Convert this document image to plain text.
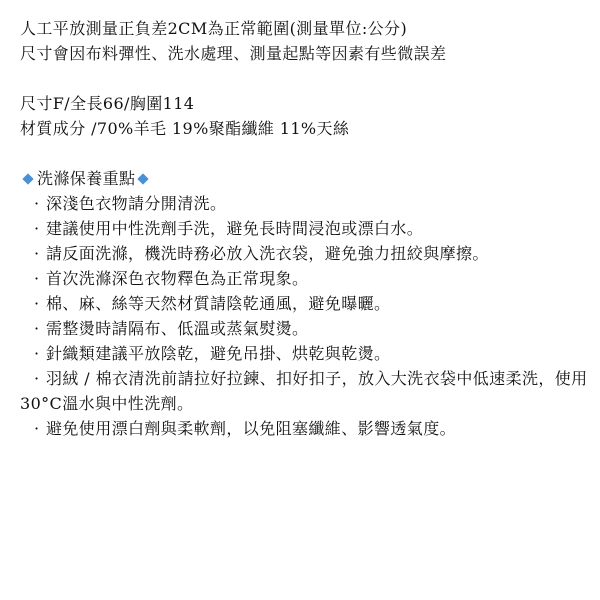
人工平放測量正負差2CM為正常範圍(測量單位:公分)
尺寸會因布料彈性、洗水處理、測量起點等因素有些微誤差
尺寸F/全長66/胸圍114
材質成分 /70%羊毛 19%聚酯纖維 11%天絲
洗滌保養重點
· 深淺色衣物請分開清洗。
· 建議使用中性洗劑手洗，避免長時間浸泡或漂白水。
· 請反面洗滌，機洗時務必放入洗衣袋，避免強力扭絞與摩擦。
· 首次洗滌深色衣物釋色為正常現象。
· 棉、麻、絲等天然材質請陰乾通風，避免曝曬。
· 需整燙時請隔布、低溫或蒸氣熨燙。
· 針織類建議平放陰乾，避免吊掛、烘乾與乾燙。
· 羽絨 / 棉衣清洗前請拉好拉鍊、扣好扣子，放入大洗衣袋中低速柔洗，使用30°C溫水與中性洗劑。
· 避免使用漂白劑與柔軟劑，以免阻塞纖維、影響透氣度。
